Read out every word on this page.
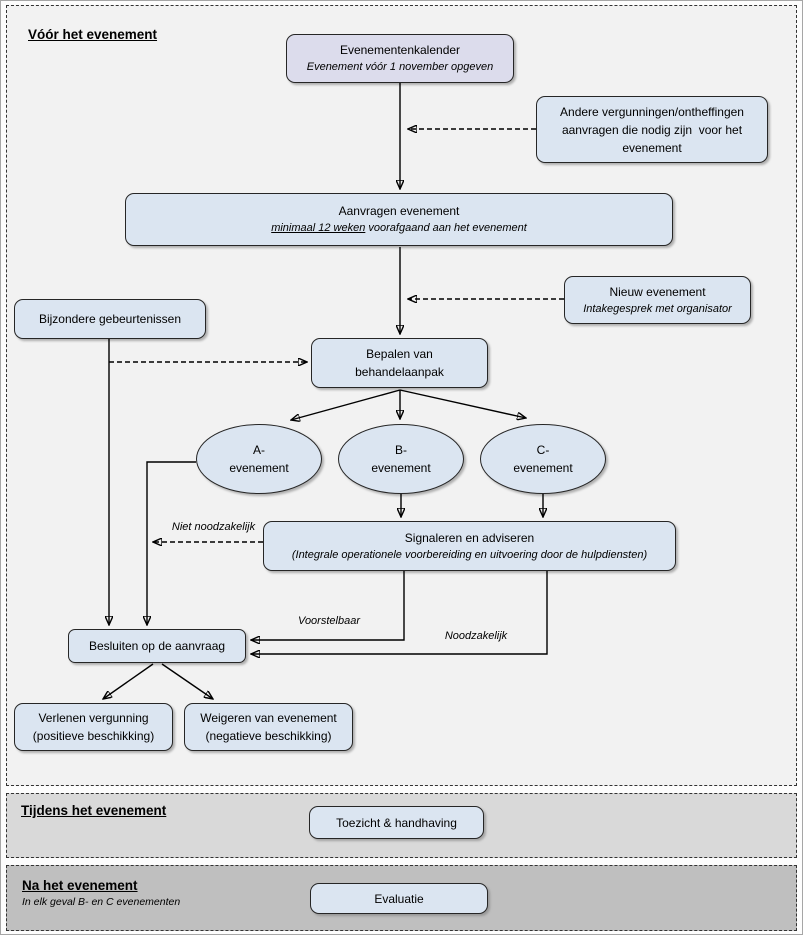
Vóór het evenement
Tijdens het evenement
Na het evenement
In elk geval B- en C evenementen
Evenementenkalender
Evenement vóór 1 november opgeven
Andere vergunningen/ontheffingen
aanvragen die nodig zijn  voor het
evenement
Aanvragen evenement
minimaal 12 weken voorafgaand aan het evenement
Nieuw evenement
Intakegesprek met organisator
Bijzondere gebeurtenissen
Bepalen van
behandelaanpak
A-
evenement
B-
evenement
C-
evenement
Signaleren en adviseren
(Integrale operationele voorbereiding en uitvoering door de hulpdiensten)
Besluiten op de aanvraag
Verlenen vergunning
(positieve beschikking)
Weigeren van evenement
(negatieve beschikking)
Toezicht & handhaving
Evaluatie
Niet noodzakelijk
Voorstelbaar
Noodzakelijk
